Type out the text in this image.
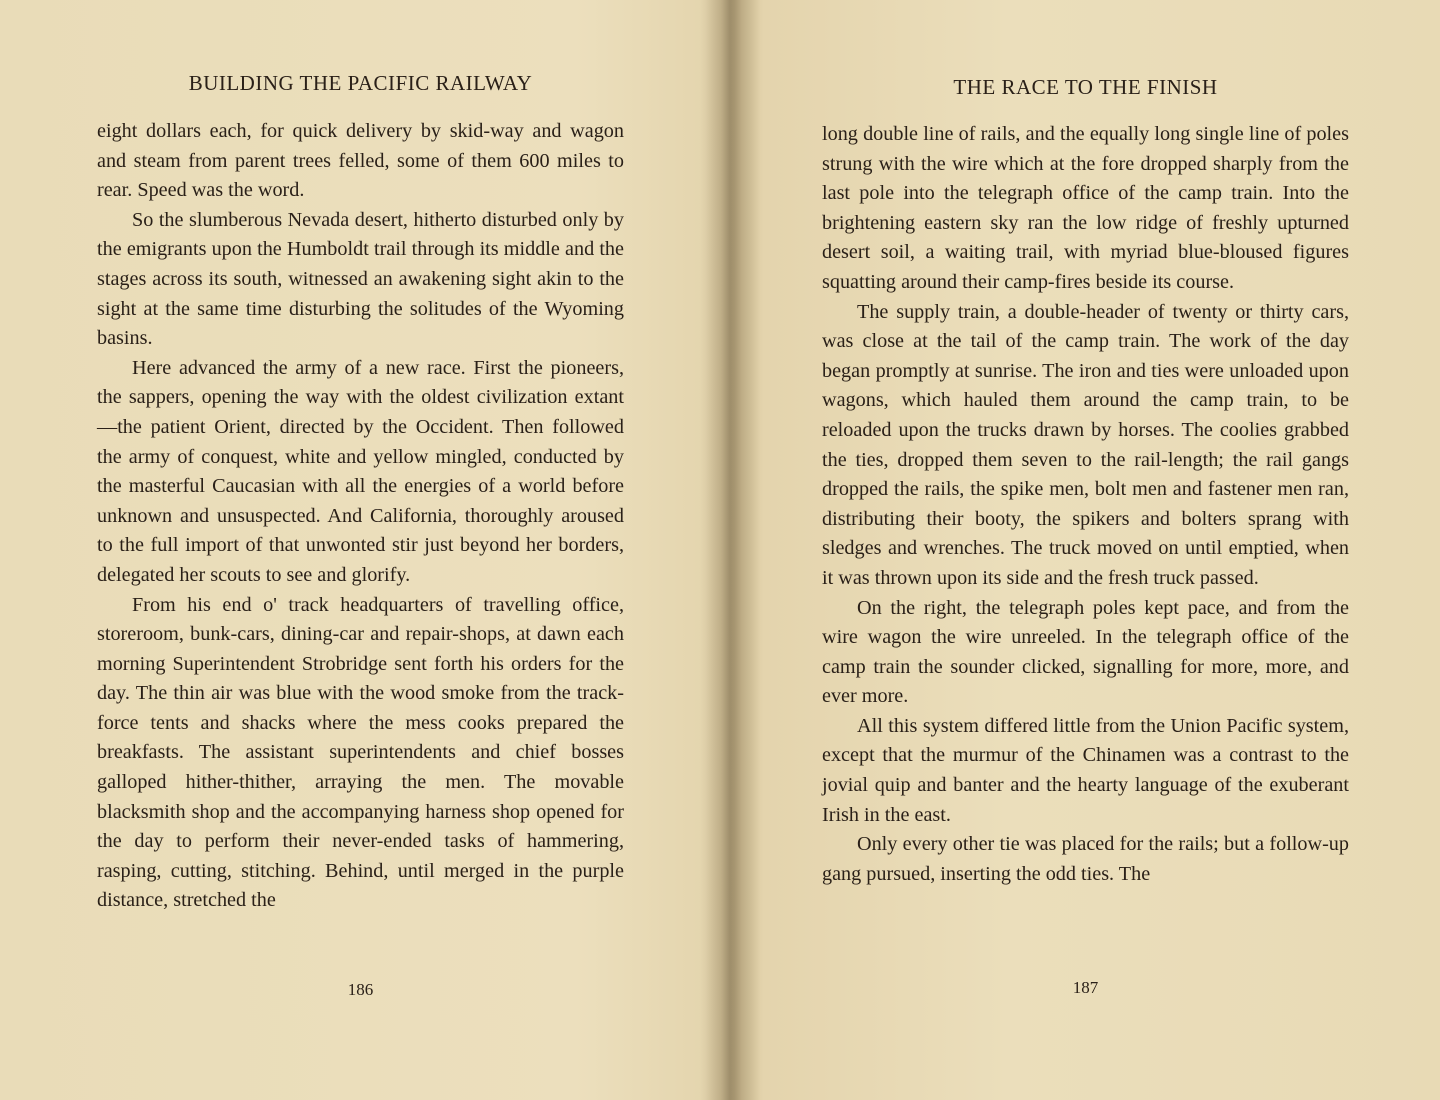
BUILDING THE PACIFIC RAILWAY

eight dollars each, for quick delivery by skid-way and wagon and steam from parent trees felled, some of them 600 miles to rear. Speed was the word.

So the slumberous Nevada desert, hitherto disturbed only by the emigrants upon the Humboldt trail through its middle and the stages across its south, witnessed an awakening sight akin to the sight at the same time disturbing the solitudes of the Wyoming basins.

Here advanced the army of a new race. First the pioneers, the sappers, opening the way with the oldest civilization extant—the patient Orient, directed by the Occident. Then followed the army of conquest, white and yellow mingled, conducted by the masterful Caucasian with all the energies of a world before unknown and unsuspected. And California, thoroughly aroused to the full import of that unwonted stir just beyond her borders, delegated her scouts to see and glorify.

From his end o' track headquarters of travelling office, storeroom, bunk-cars, dining-car and repair-shops, at dawn each morning Superintendent Strobridge sent forth his orders for the day. The thin air was blue with the wood smoke from the track-force tents and shacks where the mess cooks prepared the breakfasts. The assistant superintendents and chief bosses galloped hither-thither, arraying the men. The movable blacksmith shop and the accompanying harness shop opened for the day to perform their never-ended tasks of hammering, rasping, cutting, stitching. Behind, until merged in the purple distance, stretched the

186
THE RACE TO THE FINISH

long double line of rails, and the equally long single line of poles strung with the wire which at the fore dropped sharply from the last pole into the telegraph office of the camp train. Into the brightening eastern sky ran the low ridge of freshly upturned desert soil, a waiting trail, with myriad blue-bloused figures squatting around their camp-fires beside its course.

The supply train, a double-header of twenty or thirty cars, was close at the tail of the camp train. The work of the day began promptly at sunrise. The iron and ties were unloaded upon wagons, which hauled them around the camp train, to be reloaded upon the trucks drawn by horses. The coolies grabbed the ties, dropped them seven to the rail-length; the rail gangs dropped the rails, the spike men, bolt men and fastener men ran, distributing their booty, the spikers and bolters sprang with sledges and wrenches. The truck moved on until emptied, when it was thrown upon its side and the fresh truck passed.

On the right, the telegraph poles kept pace, and from the wire wagon the wire unreeled. In the telegraph office of the camp train the sounder clicked, signalling for more, more, and ever more.

All this system differed little from the Union Pacific system, except that the murmur of the Chinamen was a contrast to the jovial quip and banter and the hearty language of the exuberant Irish in the east.

Only every other tie was placed for the rails; but a follow-up gang pursued, inserting the odd ties. The

187
